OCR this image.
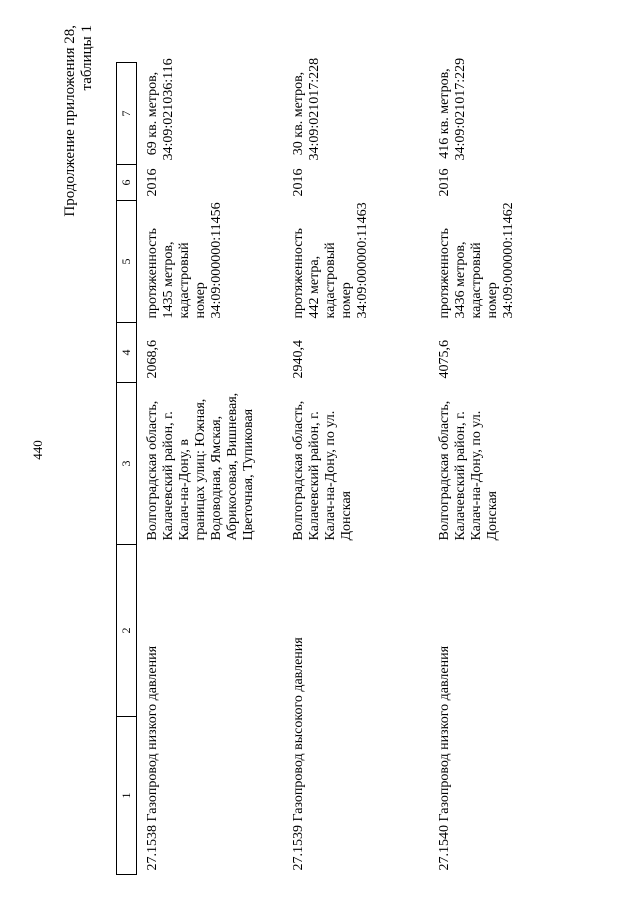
440
Продолжение приложения 28, таблицы 1
1	2	3	4	5	6	7
27.1538 Газопровод низкого давления		Волгоградская область, Калачевский район, г. Калач-на-Дону, в границах улиц: Южная, Водоводная, Ямская, Абрикосовая, Вишневая, Цветочная, Тупиковая	2068,6	протяженность 1435 метров, кадастровый номер 34:09:000000:11456	2016	69 кв. метров, 34:09:021036:116
27.1539 Газопровод высокого давления		Волгоградская область, Калачевский район, г. Калач-на-Дону, по ул. Донская	2940,4	протяженность 442 метра, кадастровый номер 34:09:000000:11463	2016	30 кв. метров, 34:09:021017:228
27.1540 Газопровод низкого давления		Волгоградская область, Калачевский район, г. Калач-на-Дону, по ул. Донская	4075,6	протяженность 3436 метров, кадастровый номер 34:09:000000:11462	2016	416 кв. метров, 34:09:021017:229
